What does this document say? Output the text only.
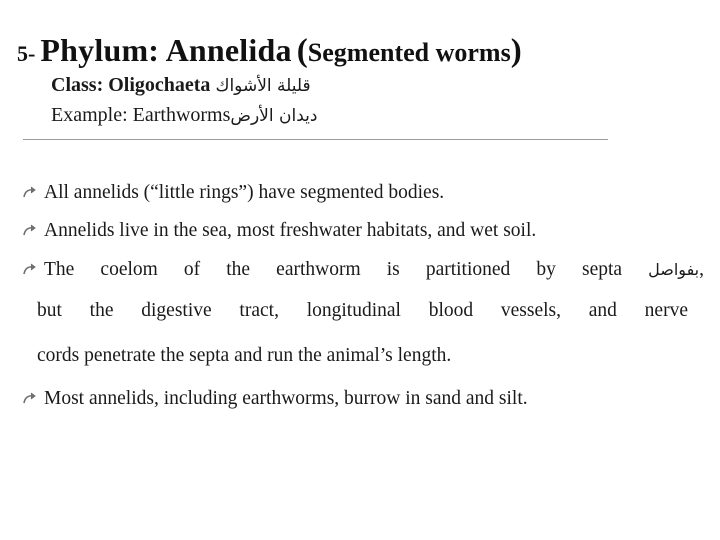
5- Phylum: Annelida (Segmented worms)
Class: Oligochaeta قليلة الأشواك
Example: Earthwormsديدان الأرض
All annelids (“little rings”) have segmented bodies.
Annelids live in the sea, most freshwater habitats, and wet soil.
The coelom of the earthworm is partitioned by septa بفواصل,
but the digestive tract, longitudinal blood vessels, and nerve
cords penetrate the septa and run the animal’s length.
Most annelids, including earthworms, burrow in sand and silt.
